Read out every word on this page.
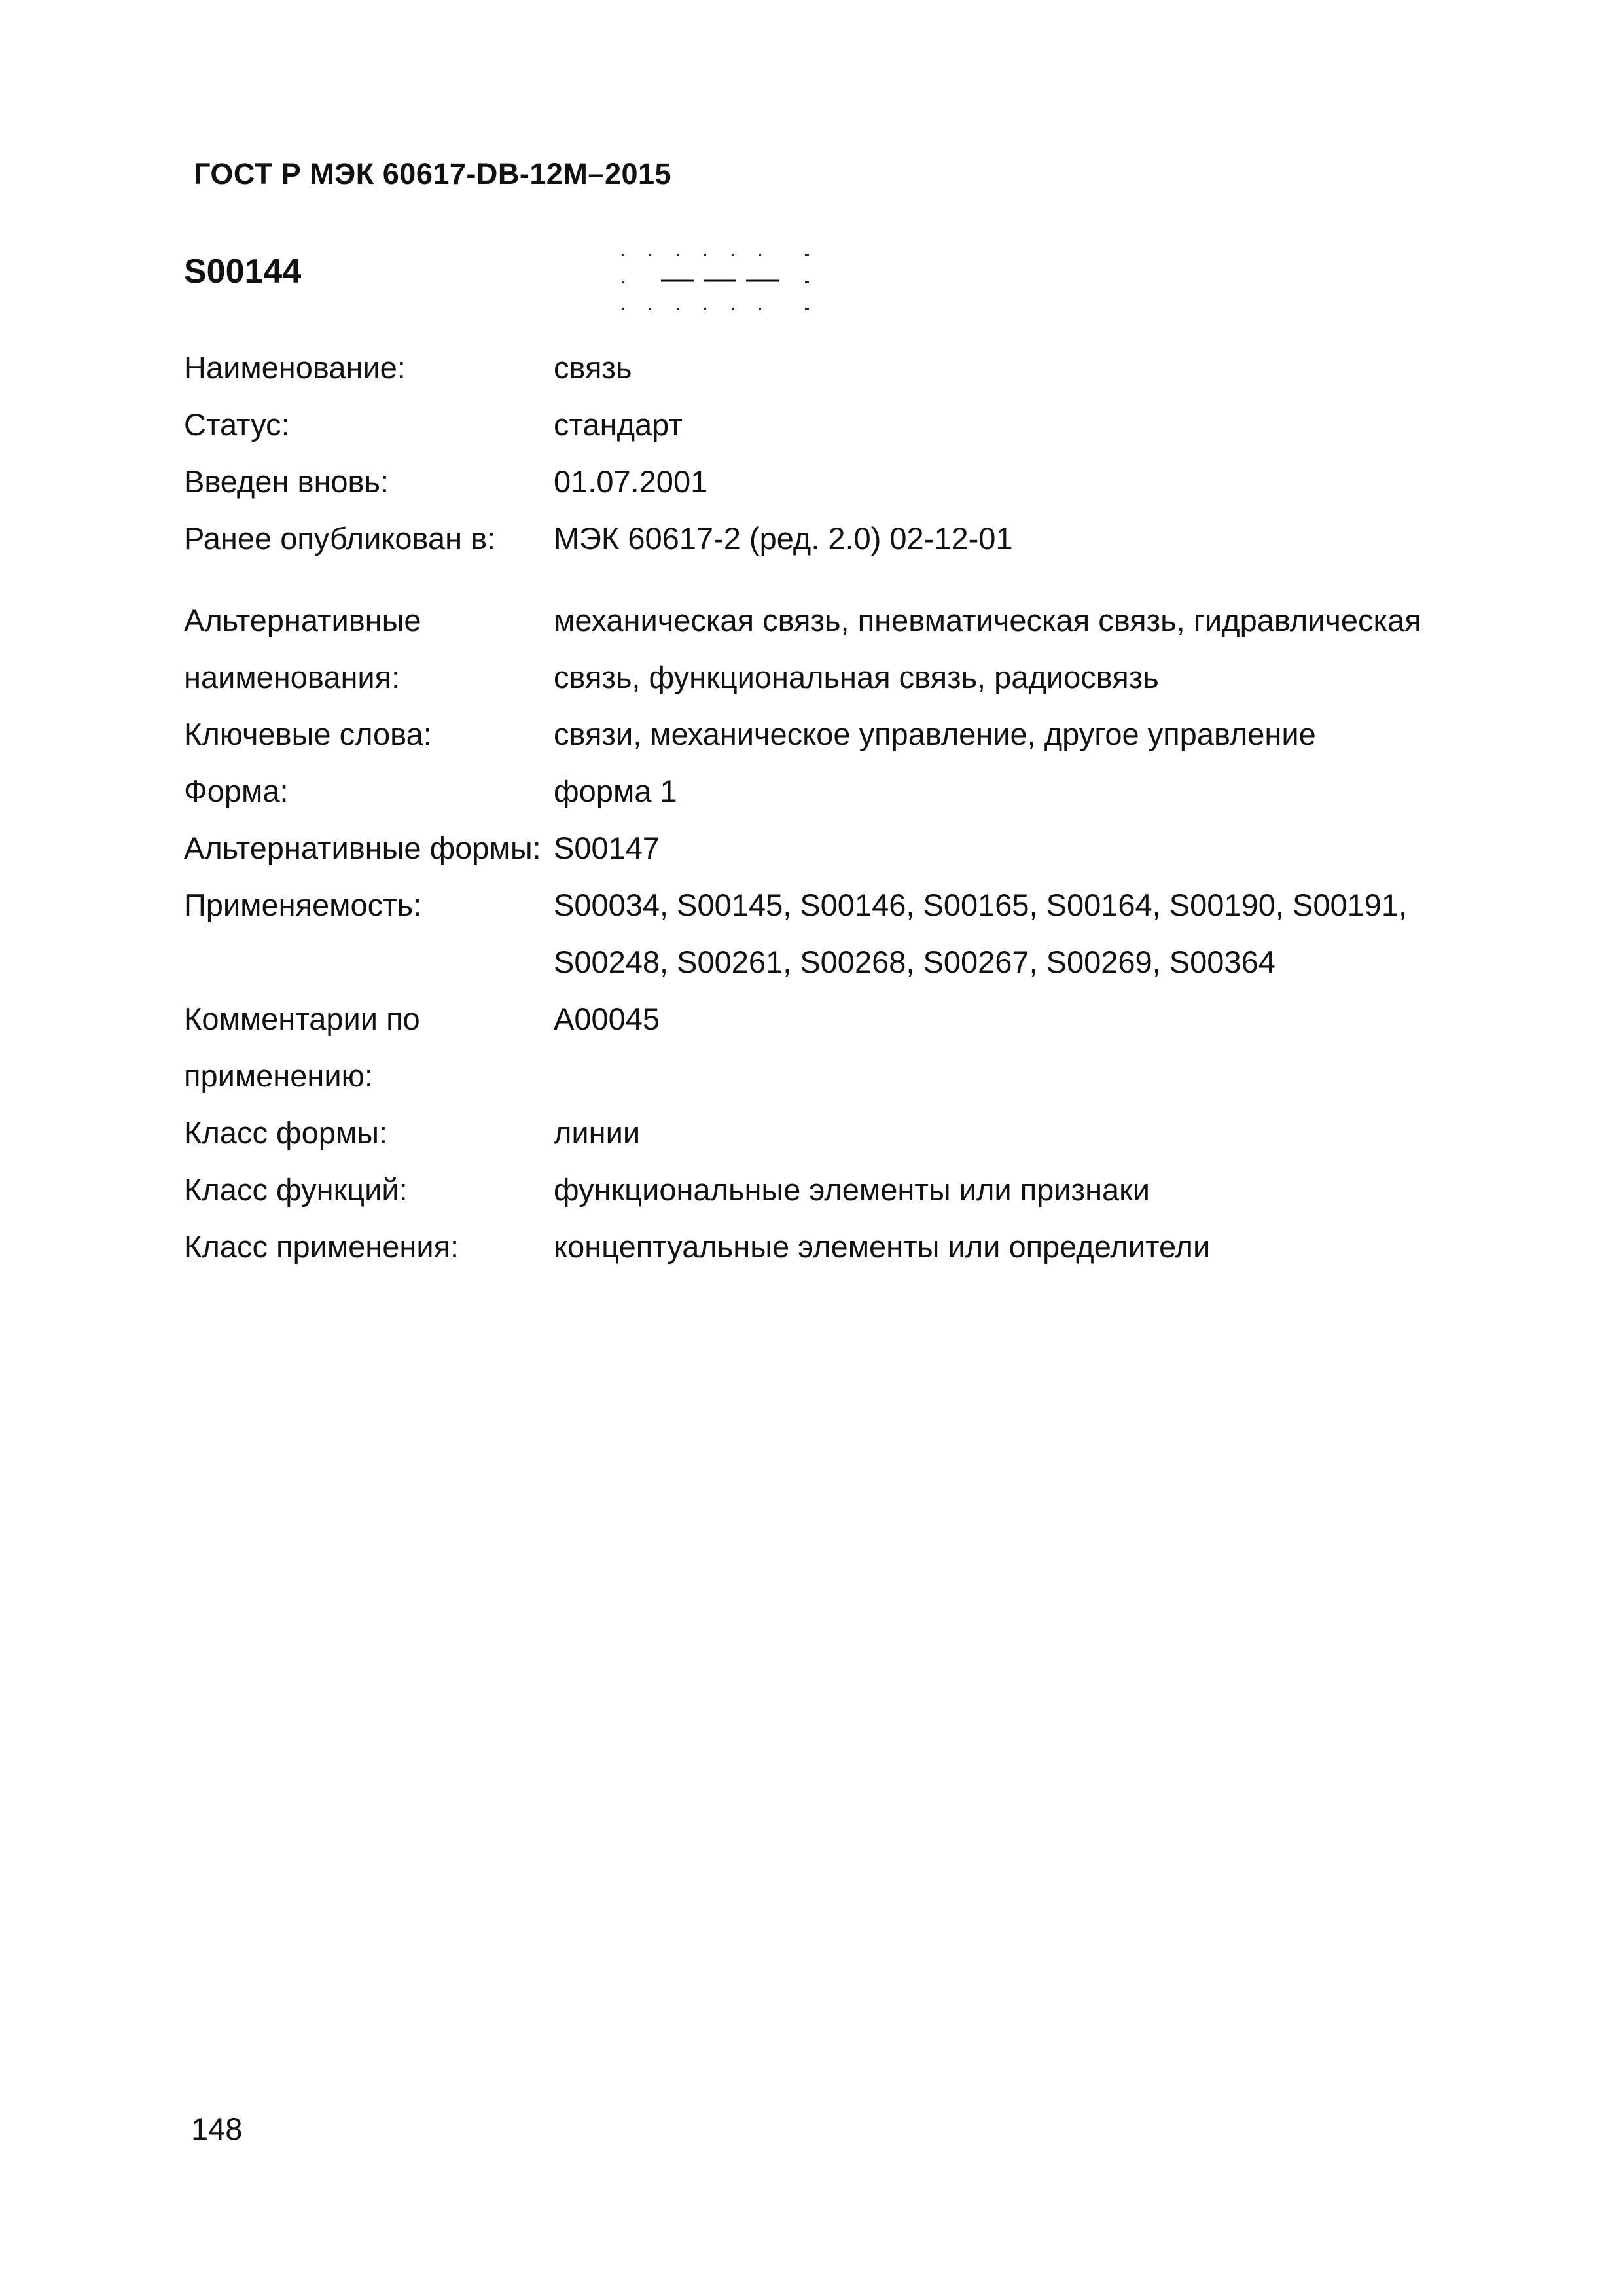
ГОСТ Р МЭК 60617-DB-12M–2015
S00144
Наименование:	связь
Статус:	стандарт
Введен вновь:	01.07.2001
Ранее опубликован в:	МЭК 60617-2 (ред. 2.0) 02-12-01
Альтернативные наименования:
механическая связь, пневматическая связь, гидравлическая связь, функциональная связь, радиосвязь
Ключевые слова:	связи, механическое управление, другое управление
Форма:	форма 1
Альтернативные формы: S00147
Применяемость:	S00034, S00145, S00146, S00165, S00164, S00190, S00191, S00248, S00261, S00268, S00267, S00269, S00364
Комментарии по применению:
A00045
Класс формы:	линии
Класс функций:	функциональные элементы или признаки
Класс применения:	концептуальные элементы или определители
148
